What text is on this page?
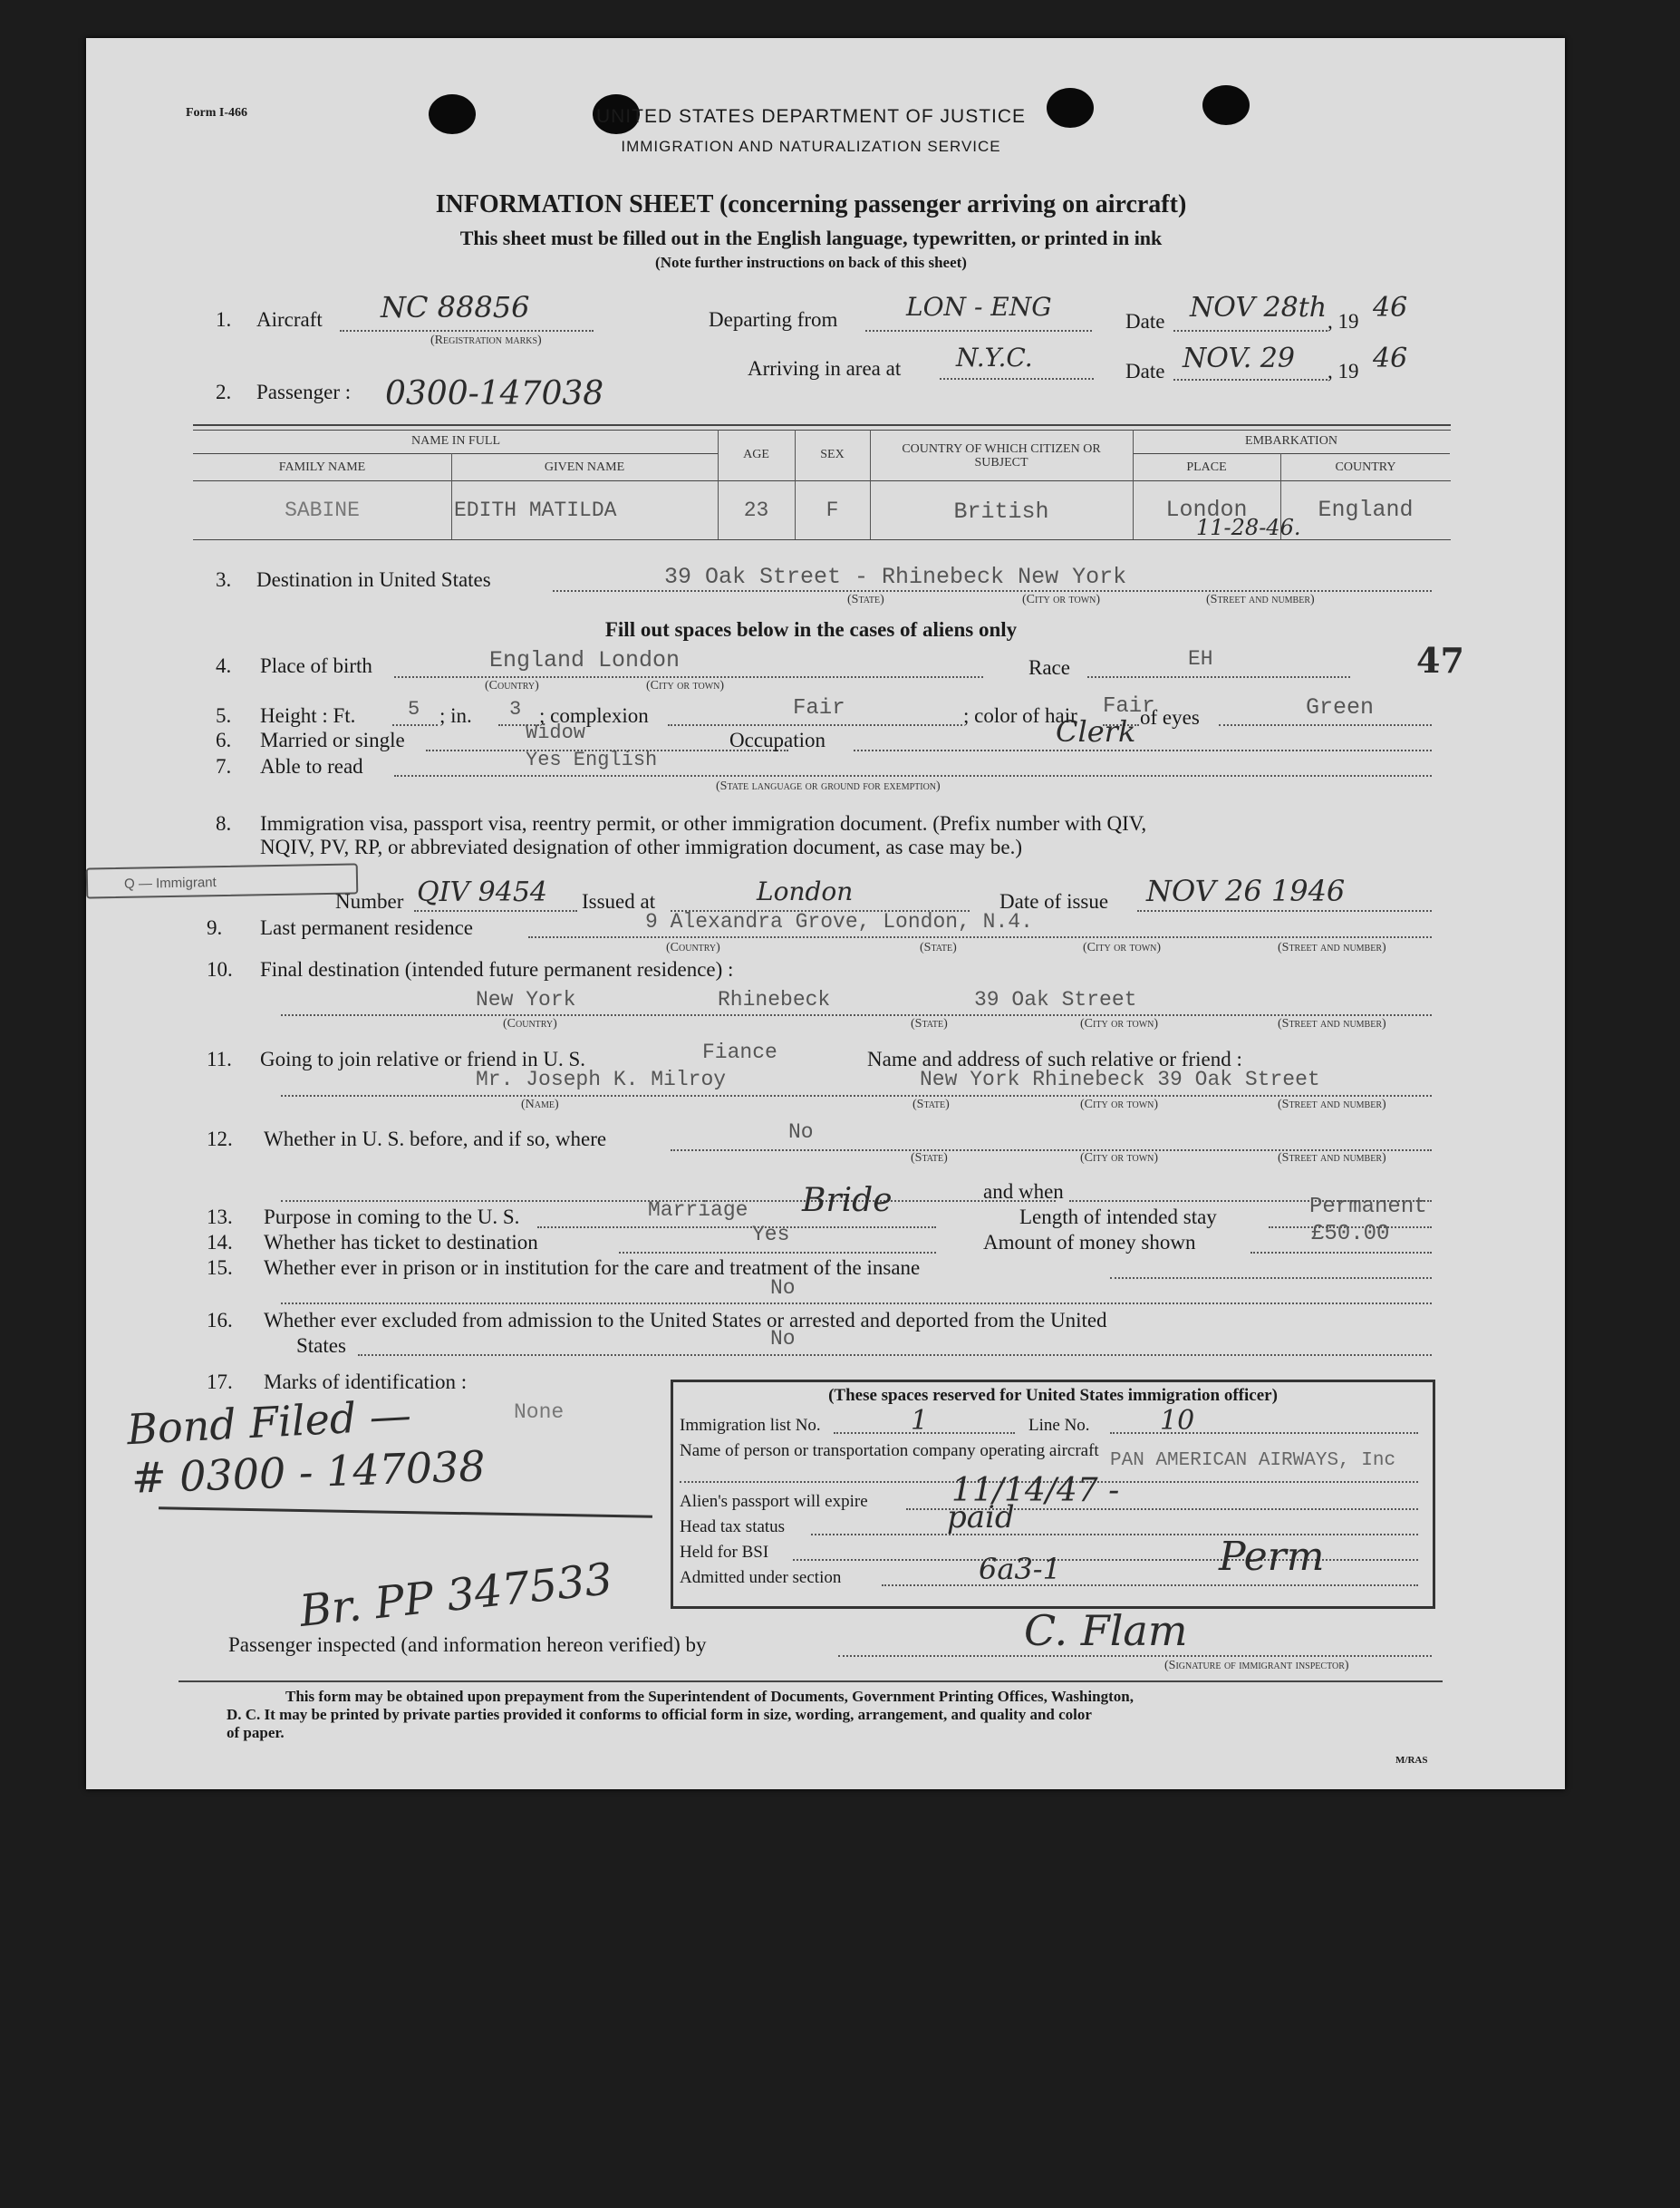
Form I-466	UNITED STATES DEPARTMENT OF JUSTICE
IMMIGRATION AND NATURALIZATION SERVICE
INFORMATION SHEET (concerning passenger arriving on aircraft)
This sheet must be filled out in the English language, typewritten, or printed in ink
(Note further instructions on back of this sheet)
1. Aircraft NC 88856
(Registration marks)
Departing from	LON - ENG	Date NOV 28th , 19 46
2. Passenger : 0300-147038
Arriving in area at N.Y.C.	Date NOV. 29 , 19 46
NAME IN FULL
FAMILY NAME	GIVEN NAME
AGE	SEX	COUNTRY OF WHICH CITIZEN OR SUBJECT
EMBARKATION
PLACE	COUNTRY
SABINE	EDITH MATILDA	23	F	British	London	England
11-28-46.
3. Destination in United States	39 Oak Street - Rhinebeck New York
(State)	(City or town)	(Street and number)
Fill out spaces below in the cases of aliens only
4. Place of birth	England London
(Country)	(City or town)
Race	EH	47
5. Height : Ft.	5 ; in. 3 ; complexion	Fair	; color of hair Fair
of eyes	Green
6. Married or single	Widow	Occupation	Clerk
7. Able to read	Yes English
(State language or ground for exemption)
8. Immigration visa, passport visa, reentry permit, or other immigration document. (Prefix number with QIV,
NQIV, PV, RP, or abbreviated designation of other immigration document, as case may be.)
Q — Immigrant
Number QIV 9454 Issued at	London	Date of issue NOV 26 1946
9. Last permanent residence	9 Alexandra Grove, London, N.4.
(Country)	(State)	(City or town)	(Street and number)
10. Final destination (intended future permanent residence) :
New York	Rhinebeck	39 Oak Street
(Country)	(State)	(City or town)	(Street and number)
11. Going to join relative or friend in U. S.	Fiance	Name and address of such relative or friend :
Mr. Joseph K. Milroy	New York Rhinebeck 39 Oak Street
(Name)	(State)	(City or town)	(Street and number)
12. Whether in U. S. before, and if so, where	No
(State)	(City or town)	(Street and number)
and when
13. Purpose in coming to the U. S.	Marriage Bride	Length of intended stay	Permanent
14. Whether has ticket to destination	Yes	Amount of money shown	£50.00
15. Whether ever in prison or in institution for the care and treatment of the insane
No
16. Whether ever excluded from admission to the United States or arrested and deported from the United
States	No
17. Marks of identification :
None
Bond Filed —
# 0300 - 147038
Br. PP 347533
(These spaces reserved for United States immigration officer)
Immigration list No.	1	Line No.	10
Name of person or transportation company operating aircraft PAN AMERICAN AIRWAYS, Inc
Alien's passport will expire	11/14/47 -
Head tax status	paid
Held for BSI
Admitted under section	6a3-1	Perm
Passenger inspected (and information hereon verified) by	C. Flam
(Signature of immigrant inspector)
This form may be obtained upon prepayment from the Superintendent of Documents, Government Printing Offices, Washington,
D. C. It may be printed by private parties provided it conforms to official form in size, wording, arrangement, and quality and color
of paper.
M/RAS
